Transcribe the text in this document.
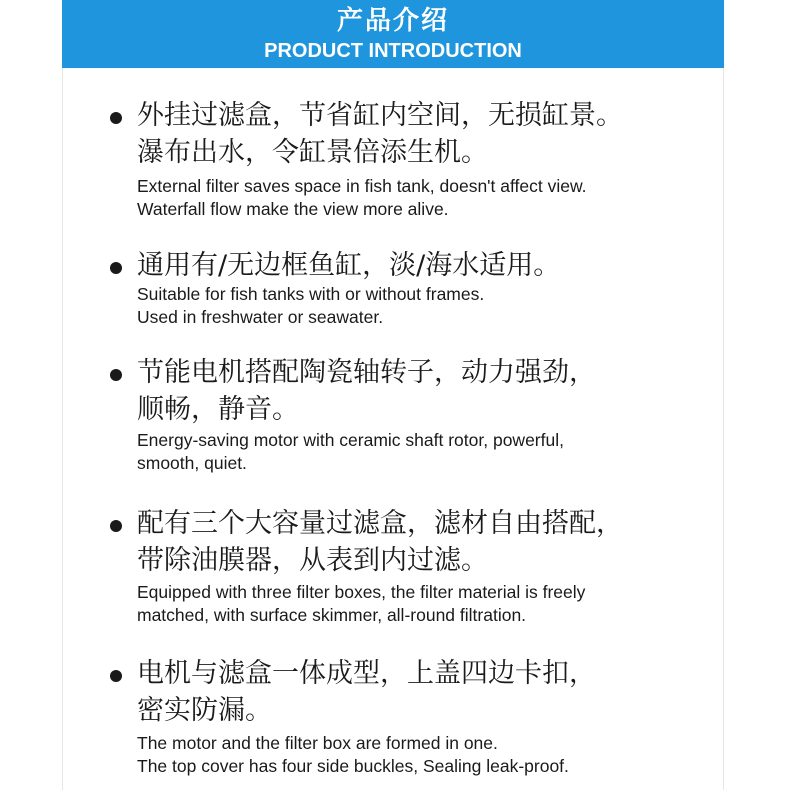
产品介绍
PRODUCT INTRODUCTION
外挂过滤盒，节省缸内空间，无损缸景。
瀑布出水，令缸景倍添生机。
External filter saves space in fish tank, doesn't affect view.
Waterfall flow make the view more alive.
通用有/无边框鱼缸，淡/海水适用。
Suitable for fish tanks with or without frames.
Used in freshwater or seawater.
节能电机搭配陶瓷轴转子，动力强劲，
顺畅，静音。
Energy-saving motor with ceramic shaft rotor, powerful,
smooth, quiet.
配有三个大容量过滤盒，滤材自由搭配，
带除油膜器，从表到内过滤。
Equipped with three filter boxes, the filter material is freely
matched, with surface skimmer, all-round filtration.
电机与滤盒一体成型，上盖四边卡扣，
密实防漏。
The motor and the filter box are formed in one.
The top cover has four side buckles, Sealing leak-proof.
